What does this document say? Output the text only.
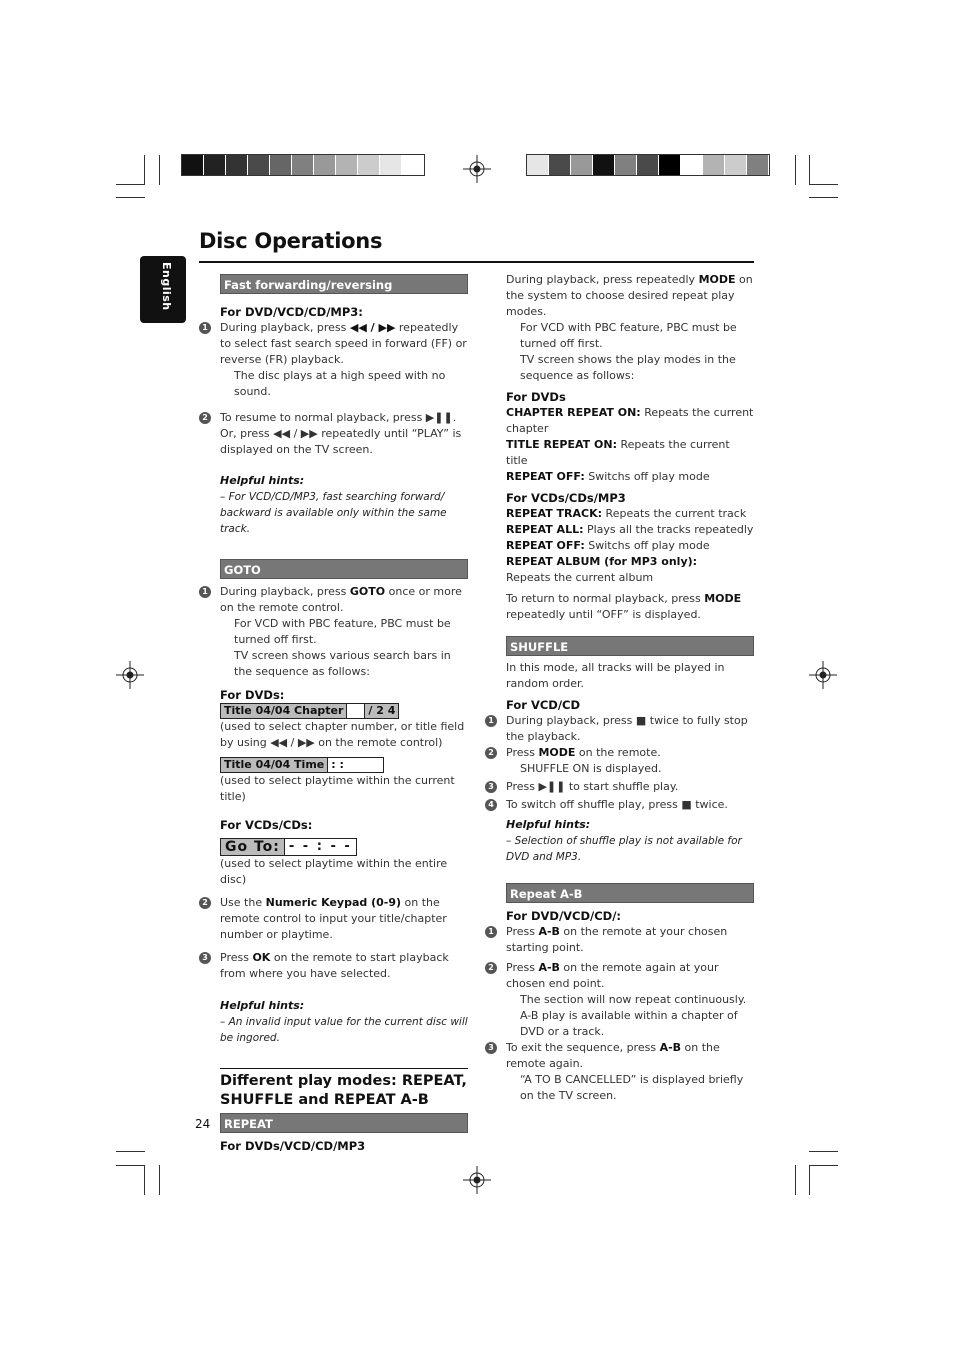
English
Disc Operations
Fast forwarding/reversing

For DVD/VCD/CD/MP3:

1 During playback, press ◀◀ / ▶▶ repeatedly to select fast search speed in forward (FF) or reverse (FR) playback.

The disc plays at a high speed with no sound.

2 To resume to normal playback, press ▶❚❚.

Or, press ◀◀ / ▶▶ repeatedly until “PLAY” is displayed on the TV screen.

Helpful hints:

– For VCD/CD/MP3, fast searching forward/ backward is available only within the same track.

GOTO
1 During playback, press GOTO once or more on the remote control.

For VCD with PBC feature, PBC must be turned off first.

TV screen shows various search bars in the sequence as follows:

For DVDs:

Title 04/04 Chapter	/ 2 4

(used to select chapter number, or title field by using ◀◀ / ▶▶ on the remote control)

Title 04/04 Time : :

(used to select playtime within the current title)

For VCDs/CDs:

Go To: - - : - -

(used to select playtime within the entire disc)

2 Use the Numeric Keypad (0-9) on the remote control to input your title/chapter number or playtime.
3 Press OK on the remote to start playback from where you have selected.

Helpful hints:

– An invalid input value for the current disc will be ingored.

Different play modes: REPEAT, SHUFFLE and REPEAT A-B

REPEAT

For DVDs/VCD/CD/MP3

During playback, press repeatedly MODE on the system to choose desired repeat play modes.

For VCD with PBC feature, PBC must be turned off first.

TV screen shows the play modes in the sequence as follows:

For DVDs

CHAPTER REPEAT ON: Repeats the current chapter

TITLE REPEAT ON: Repeats the current title

REPEAT OFF: Switchs off play mode

For VCDs/CDs/MP3

REPEAT TRACK: Repeats the current track

REPEAT ALL: Plays all the tracks repeatedly

REPEAT OFF: Switchs off play mode

REPEAT ALBUM (for MP3 only):

Repeats the current album

To return to normal playback, press MODE repeatedly until “OFF” is displayed.

SHUFFLE

In this mode, all tracks will be played in random order.

For VCD/CD

1 During playback, press ■ twice to fully stop the playback.
2 Press MODE on the remote.

SHUFFLE ON is displayed.

3 Press ▶❚❚ to start shuffle play.
4 To switch off shuffle play, press ■ twice.

Helpful hints:

– Selection of shuffle play is not available for DVD and MP3.

Repeat A-B

For DVD/VCD/CD/:

1 Press A-B on the remote at your chosen starting point.
2 Press A-B on the remote again at your chosen end point.

The section will now repeat continuously.

A-B play is available within a chapter of DVD or a track.

3 To exit the sequence, press A-B on the remote again.

“A TO B CANCELLED” is displayed briefly on the TV screen.

24
